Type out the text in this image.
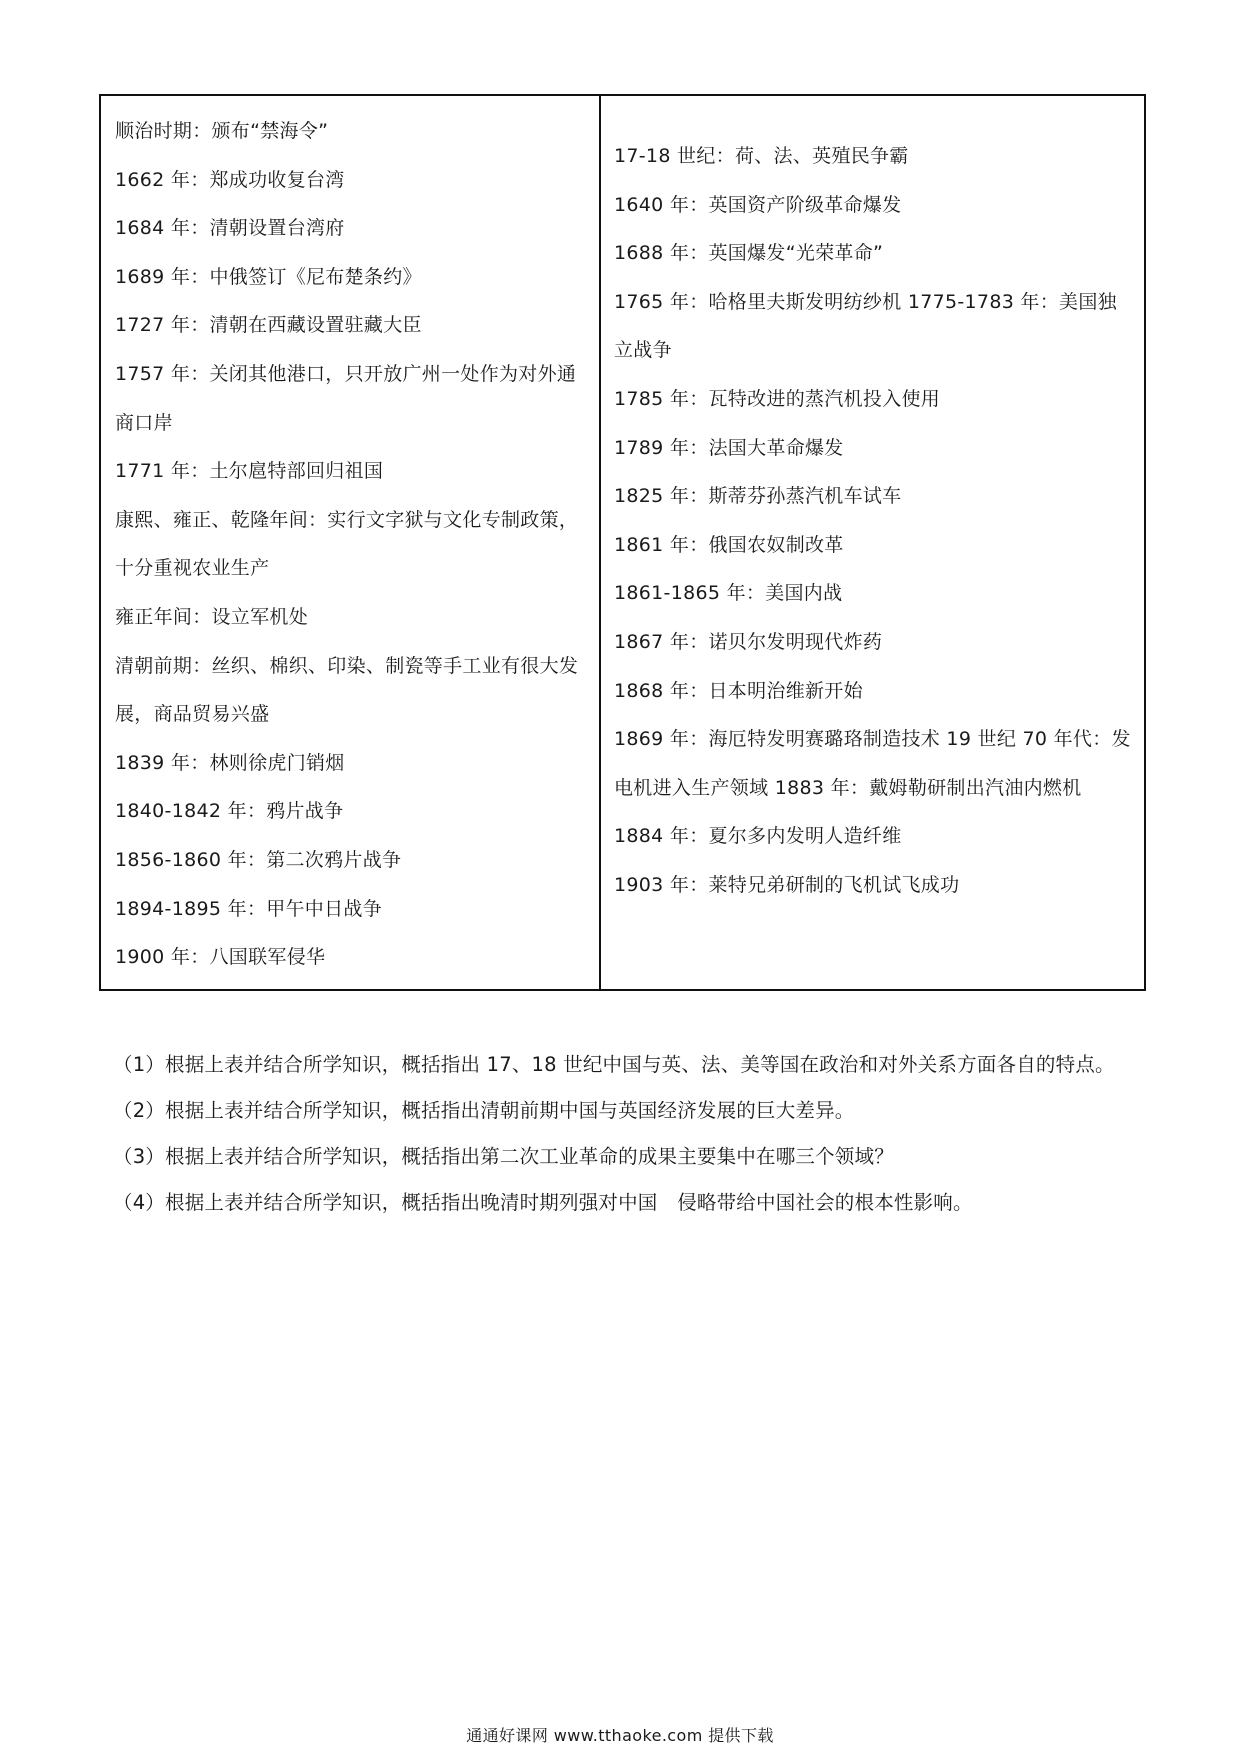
顺治时期：颁布“禁海令”
1662 年：郑成功收复台湾
1684 年：清朝设置台湾府
1689 年：中俄签订《尼布楚条约》
1727 年：清朝在西藏设置驻藏大臣
1757 年：关闭其他港口，只开放广州一处作为对外通商口岸
1771 年：土尔扈特部回归祖国
康熙、雍正、乾隆年间：实行文字狱与文化专制政策，十分重视农业生产
雍正年间：设立军机处
清朝前期：丝织、棉织、印染、制瓷等手工业有很大发展，商品贸易兴盛
1839 年：林则徐虎门销烟
1840-1842 年：鸦片战争
1856-1860 年：第二次鸦片战争
1894-1895 年：甲午中日战争
1900 年：八国联军侵华
17-18 世纪：荷、法、英殖民争霸
1640 年：英国资产阶级革命爆发
1688 年：英国爆发“光荣革命”
1765 年：哈格里夫斯发明纺纱机 1775-1783 年：美国独立战争
1785 年：瓦特改进的蒸汽机投入使用
1789 年：法国大革命爆发
1825 年：斯蒂芬孙蒸汽机车试车
1861 年：俄国农奴制改革
1861-1865 年：美国内战
1867 年：诺贝尔发明现代炸药
1868 年：日本明治维新开始
1869 年：海厄特发明赛璐珞制造技术 19 世纪 70 年代：发电机进入生产领域 1883 年：戴姆勒研制出汽油内燃机
1884 年：夏尔多内发明人造纤维
1903 年：莱特兄弟研制的飞机试飞成功
（1）根据上表并结合所学知识，概括指出 17、18 世纪中国与英、法、美等国在政治和对外关系方面各自的特点。
（2）根据上表并结合所学知识，概括指出清朝前期中国与英国经济发展的巨大差异。
（3）根据上表并结合所学知识，概括指出第二次工业革命的成果主要集中在哪三个领域？
（4）根据上表并结合所学知识，概括指出晚清时期列强对中国　侵略带给中国社会的根本性影响。
通通好课网 www.tthaoke.com 提供下载
